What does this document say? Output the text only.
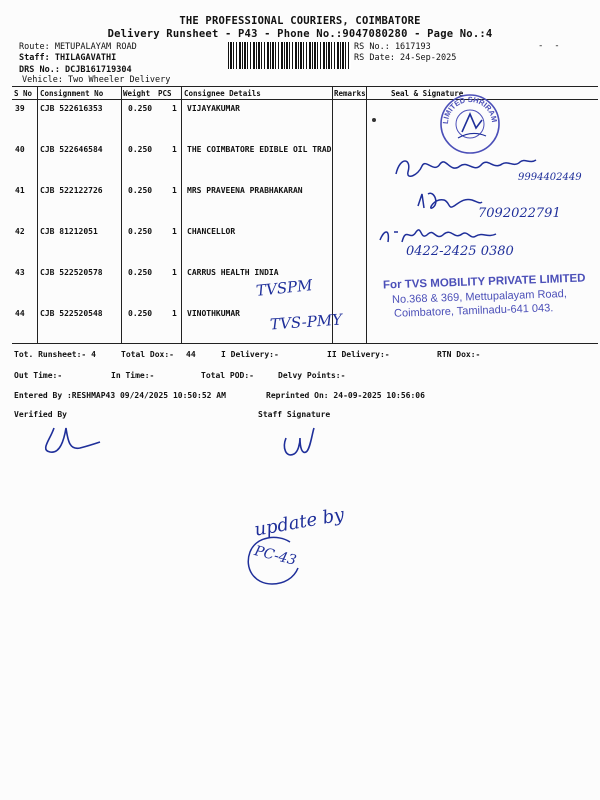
THE PROFESSIONAL COURIERS, COIMBATORE
Delivery Runsheet - P43 - Phone No.:9047080280 - Page No.:4
Route: METUPALAYAM ROAD
Staff: THILAGAVATHI
DRS No.: DCJB161719304
Vehicle: Two Wheeler Delivery
RS No.: 1617193
RS Date: 24-Sep-2025
-  -
S No Consignment No	Weight PCS Consignee Details	Remarks	Seal & Signature
39 CJB 522616353	0.250 1 VIJAYAKUMAR
40 CJB 522646584	0.250 1 THE COIMBATORE EDIBLE OIL TRAD
41 CJB 522122726	0.250 1 MRS PRAVEENA PRABHAKARAN
42 CJB 81212051	0.250 1 CHANCELLOR
43 CJB 522520578	0.250 1 CARRUS HEALTH INDIA
44 CJB 522520548	0.250 1 VINOTHKUMAR
LIMITED SHRIRAM
9994402449
7092022791
0422-2425 0380
TVSPM
TVS-PMY
For TVS MOBILITY PRIVATE LIMITED
No.368 & 369, Mettupalayam Road,
Coimbatore, Tamilnadu-641 043.
Tot. Runsheet:- 4	Total Dox:- 44	I Delivery:-	II Delivery:-	RTN Dox:-
Out Time:-	In Time:-	Total POD:-	Delvy Points:-
Entered By :RESHMAP43 09/24/2025 10:50:52 AM	Reprinted On: 24-09-2025 10:56:06
Verified By	Staff Signature
update by
PC-43
